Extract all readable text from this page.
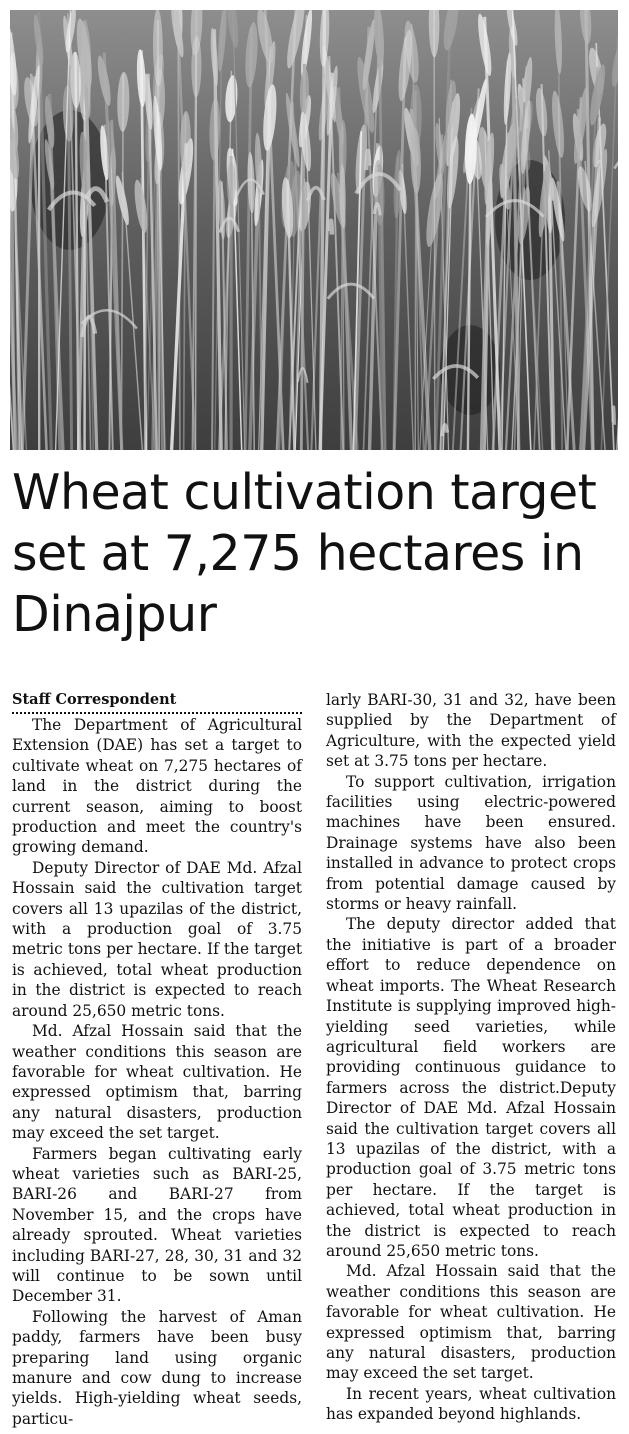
Wheat cultivation target set at 7,275 hectares in Dinajpur
Staff Correspondent

The Department of Agricultural Extension (DAE) has set a target to cultivate wheat on 7,275 hectares of land in the district during the current season, aiming to boost production and meet the country's growing demand.

Deputy Director of DAE Md. Afzal Hossain said the cultivation target covers all 13 upazilas of the district, with a production goal of 3.75 metric tons per hectare. If the target is achieved, total wheat production in the district is expected to reach around 25,650 metric tons.

Md. Afzal Hossain said that the weather conditions this season are favorable for wheat cultivation. He expressed optimism that, barring any natural disasters, production may exceed the set target.

Farmers began cultivating early wheat varieties such as BARI-25, BARI-26 and BARI-27 from November 15, and the crops have already sprouted. Wheat varieties including BARI-27, 28, 30, 31 and 32 will continue to be sown until December 31.

Following the harvest of Aman paddy, farmers have been busy preparing land using organic manure and cow dung to increase yields. High-yielding wheat seeds, particu-

larly BARI-30, 31 and 32, have been supplied by the Department of Agriculture, with the expected yield set at 3.75 tons per hectare.

To support cultivation, irrigation facilities using electric-powered machines have been ensured. Drainage systems have also been installed in advance to protect crops from potential damage caused by storms or heavy rainfall.

The deputy director added that the initiative is part of a broader effort to reduce dependence on wheat imports. The Wheat Research Institute is supplying improved high-yielding seed varieties, while agricultural field workers are providing continuous guidance to farmers across the district.Deputy Director of DAE Md. Afzal Hossain said the cultivation target covers all 13 upazilas of the district, with a production goal of 3.75 metric tons per hectare. If the target is achieved, total wheat production in the district is expected to reach around 25,650 metric tons.

Md. Afzal Hossain said that the weather conditions this season are favorable for wheat cultivation. He expressed optimism that, barring any natural disasters, production may exceed the set target.

In recent years, wheat cultivation has expanded beyond highlands.
